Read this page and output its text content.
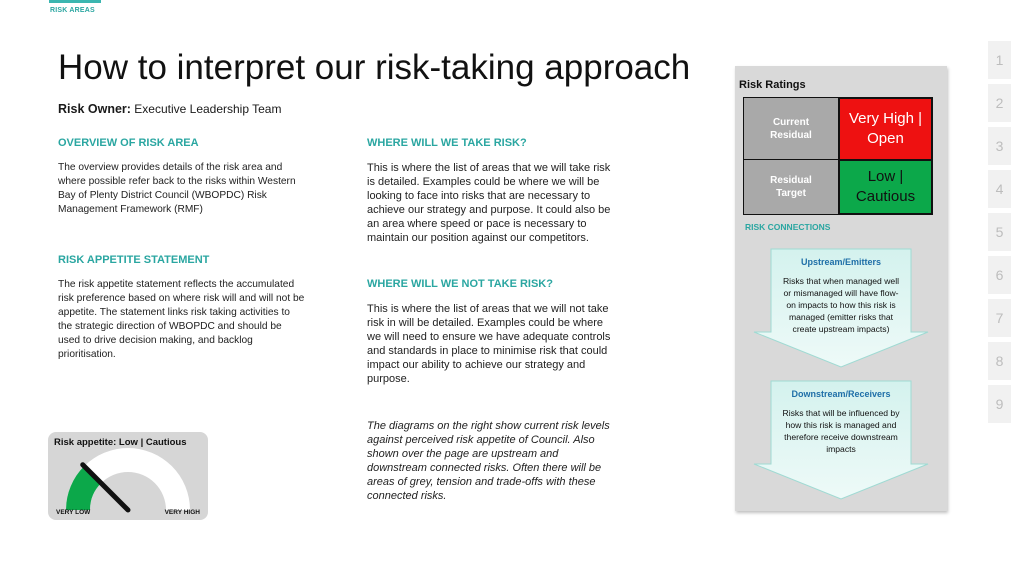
RISK AREAS
How to interpret our risk-taking approach
Risk Owner: Executive Leadership Team
OVERVIEW OF RISK AREA
The overview provides details of the risk area and
where possible refer back to the risks within Western
Bay of Plenty District Council (WBOPDC) Risk
Management Framework (RMF)
RISK APPETITE STATEMENT
The risk appetite statement reflects the accumulated
risk preference based on where risk will and will not be
appetite. The statement links risk taking activities to
the strategic direction of WBOPDC and should be
used to drive decision making, and backlog
prioritisation.
WHERE WILL WE TAKE RISK?
This is where the list of areas that we will take risk
is detailed. Examples could be where we will be
looking to face into risks that are necessary to
achieve our strategy and purpose. It could also be
an area where speed or pace is necessary to
maintain our position against our competitors.
WHERE WILL WE NOT TAKE RISK?
This is where the list of areas that we will not take
risk in will be detailed. Examples could be where
we will need to ensure we have adequate controls
and standards in place to minimise risk that could
impact our ability to achieve our strategy and
purpose.
The diagrams on the right show current risk levels
against perceived risk appetite of Council. Also
shown over the page are upstream and
downstream connected risks. Often there will be
areas of grey, tension and trade-offs with these
connected risks.
Risk appetite: Low | Cautious
VERY LOW	VERY HIGH
Risk Ratings
Current
Residual
Very High |
Open
Residual
Target
Low |
Cautious
RISK CONNECTIONS
Upstream/Emitters
Risks that when managed well
or mismanaged will have flow-
on impacts to how this risk is
managed (emitter risks that
create upstream impacts)
Downstream/Receivers
Risks that will be influenced by
how this risk is managed and
therefore receive downstream
impacts
1
2
3
4
5
6
7
8
9
